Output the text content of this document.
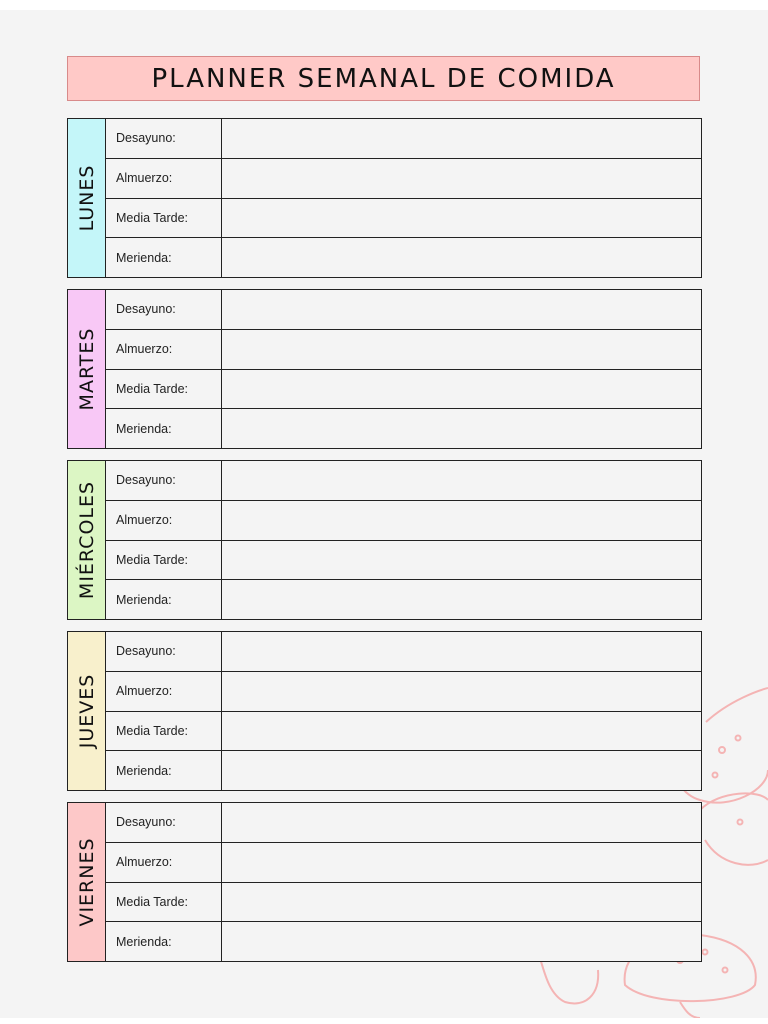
PLANNER SEMANAL DE COMIDA
LUNES
Desayuno:
Almuerzo:
Media Tarde:
Merienda:
MARTES
Desayuno:
Almuerzo:
Media Tarde:
Merienda:
MIÉRCOLES
Desayuno:
Almuerzo:
Media Tarde:
Merienda:
JUEVES
Desayuno:
Almuerzo:
Media Tarde:
Merienda:
VIERNES
Desayuno:
Almuerzo:
Media Tarde:
Merienda:
